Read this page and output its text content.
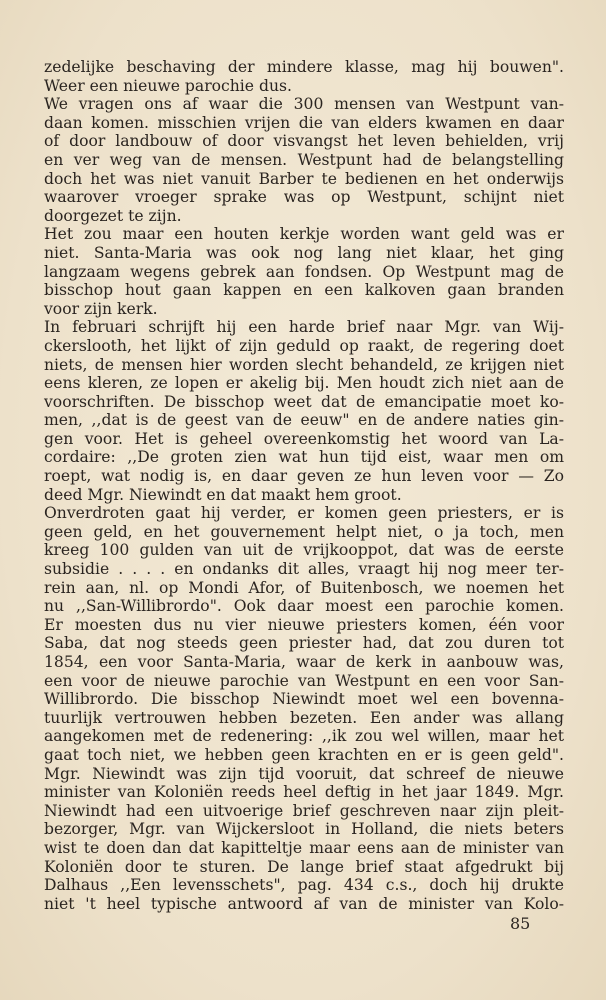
zedelijke beschaving der mindere klasse, mag hij bouwen".
Weer een nieuwe parochie dus.
We vragen ons af waar die 300 mensen van Westpunt van-
daan komen. misschien vrijen die van elders kwamen en daar
of door landbouw of door visvangst het leven behielden, vrij
en ver weg van de mensen. Westpunt had de belangstelling
doch het was niet vanuit Barber te bedienen en het onderwijs
waarover vroeger sprake was op Westpunt, schijnt niet
doorgezet te zijn.
Het zou maar een houten kerkje worden want geld was er
niet. Santa-Maria was ook nog lang niet klaar, het ging
langzaam wegens gebrek aan fondsen. Op Westpunt mag de
bisschop hout gaan kappen en een kalkoven gaan branden
voor zijn kerk.
In februari schrijft hij een harde brief naar Mgr. van Wij-
ckerslooth, het lijkt of zijn geduld op raakt, de regering doet
niets, de mensen hier worden slecht behandeld, ze krijgen niet
eens kleren, ze lopen er akelig bij. Men houdt zich niet aan de
voorschriften. De bisschop weet dat de emancipatie moet ko-
men, ,,dat is de geest van de eeuw" en de andere naties gin-
gen voor. Het is geheel overeenkomstig het woord van La-
cordaire: ,,De groten zien wat hun tijd eist, waar men om
roept, wat nodig is, en daar geven ze hun leven voor — Zo
deed Mgr. Niewindt en dat maakt hem groot.
Onverdroten gaat hij verder, er komen geen priesters, er is
geen geld, en het gouvernement helpt niet, o ja toch, men
kreeg 100 gulden van uit de vrijkooppot, dat was de eerste
subsidie . . . . en ondanks dit alles, vraagt hij nog meer ter-
rein aan, nl. op Mondi Afor, of Buitenbosch, we noemen het
nu ,,San-Willibrordo". Ook daar moest een parochie komen.
Er moesten dus nu vier nieuwe priesters komen, één voor
Saba, dat nog steeds geen priester had, dat zou duren tot
1854, een voor Santa-Maria, waar de kerk in aanbouw was,
een voor de nieuwe parochie van Westpunt en een voor San-
Willibrordo. Die bisschop Niewindt moet wel een bovenna-
tuurlijk vertrouwen hebben bezeten. Een ander was allang
aangekomen met de redenering: ,,ik zou wel willen, maar het
gaat toch niet, we hebben geen krachten en er is geen geld".
Mgr. Niewindt was zijn tijd vooruit, dat schreef de nieuwe
minister van Koloniën reeds heel deftig in het jaar 1849. Mgr.
Niewindt had een uitvoerige brief geschreven naar zijn pleit-
bezorger, Mgr. van Wijckersloot in Holland, die niets beters
wist te doen dan dat kapitteltje maar eens aan de minister van
Koloniën door te sturen. De lange brief staat afgedrukt bij
Dalhaus ,,Een levensschets", pag. 434 c.s., doch hij drukte
niet 't heel typische antwoord af van de minister van Kolo-
85
